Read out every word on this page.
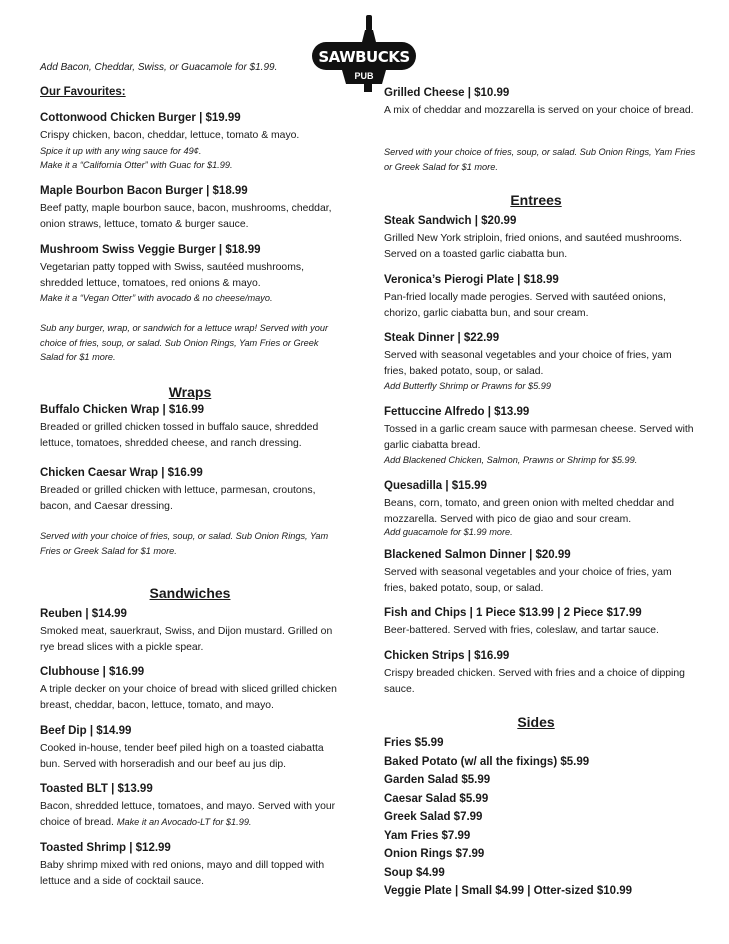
SAWBUCKS
PUB
Add Bacon, Cheddar, Swiss, or Guacamole for $1.99.
Our Favourites:
Cottonwood Chicken Burger | $19.99
Crispy chicken, bacon, cheddar, lettuce, tomato & mayo.
Spice it up with any wing sauce for 49¢.
Make it a “California Otter” with Guac for $1.99.
Maple Bourbon Bacon Burger | $18.99
Beef patty, maple bourbon sauce, bacon, mushrooms, cheddar, onion straws, lettuce, tomato & burger sauce.
Mushroom Swiss Veggie Burger | $18.99
Vegetarian patty topped with Swiss, sautéed mushrooms, shredded lettuce, tomatoes, red onions & mayo.
Make it a “Vegan Otter” with avocado & no cheese/mayo.
Sub any burger, wrap, or sandwich for a lettuce wrap! Served with your choice of fries, soup, or salad. Sub Onion Rings, Yam Fries or Greek Salad for $1 more.
Wraps
Buffalo Chicken Wrap | $16.99
Breaded or grilled chicken tossed in buffalo sauce, shredded lettuce, tomatoes, shredded cheese, and ranch dressing.
Chicken Caesar Wrap | $16.99
Breaded or grilled chicken with lettuce, parmesan, croutons, bacon, and Caesar dressing.
Served with your choice of fries, soup, or salad. Sub Onion Rings, Yam Fries or Greek Salad for $1 more.
Sandwiches
Reuben | $14.99
Smoked meat, sauerkraut, Swiss, and Dijon mustard. Grilled on rye bread slices with a pickle spear.
Clubhouse | $16.99
A triple decker on your choice of bread with sliced grilled chicken breast, cheddar, bacon, lettuce, tomato, and mayo.
Beef Dip | $14.99
Cooked in-house, tender beef piled high on a toasted ciabatta bun. Served with horseradish and our beef au jus dip.
Toasted BLT | $13.99
Bacon, shredded lettuce, tomatoes, and mayo. Served with your choice of bread. Make it an Avocado-LT for $1.99.
Toasted Shrimp | $12.99
Baby shrimp mixed with red onions, mayo and dill topped with lettuce and a side of cocktail sauce.
Grilled Cheese | $10.99
A mix of cheddar and mozzarella is served on your choice of bread.
Served with your choice of fries, soup, or salad. Sub Onion Rings, Yam Fries or Greek Salad for $1 more.
Entrees
Steak Sandwich | $20.99
Grilled New York striploin, fried onions, and sautéed mushrooms. Served on a toasted garlic ciabatta bun.
Veronica’s Pierogi Plate | $18.99
Pan-fried locally made perogies. Served with sautéed onions, chorizo, garlic ciabatta bun, and sour cream.
Steak Dinner | $22.99
Served with seasonal vegetables and your choice of fries, yam fries, baked potato, soup, or salad.
Add Butterfly Shrimp or Prawns for $5.99
Fettuccine Alfredo | $13.99
Tossed in a garlic cream sauce with parmesan cheese. Served with garlic ciabatta bread.
Add Blackened Chicken, Salmon, Prawns or Shrimp for $5.99.
Quesadilla | $15.99
Beans, corn, tomato, and green onion with melted cheddar and mozzarella. Served with pico de giao and sour cream.
Add guacamole for $1.99 more.
Blackened Salmon Dinner | $20.99
Served with seasonal vegetables and your choice of fries, yam fries, baked potato, soup, or salad.
Fish and Chips | 1 Piece $13.99 | 2 Piece $17.99
Beer-battered. Served with fries, coleslaw, and tartar sauce.
Chicken Strips | $16.99
Crispy breaded chicken. Served with fries and a choice of dipping sauce.
Sides
Fries $5.99
Baked Potato (w/ all the fixings) $5.99
Garden Salad $5.99
Caesar Salad $5.99
Greek Salad $7.99
Yam Fries $7.99
Onion Rings $7.99
Soup $4.99
Veggie Plate | Small $4.99 | Otter-sized $10.99
